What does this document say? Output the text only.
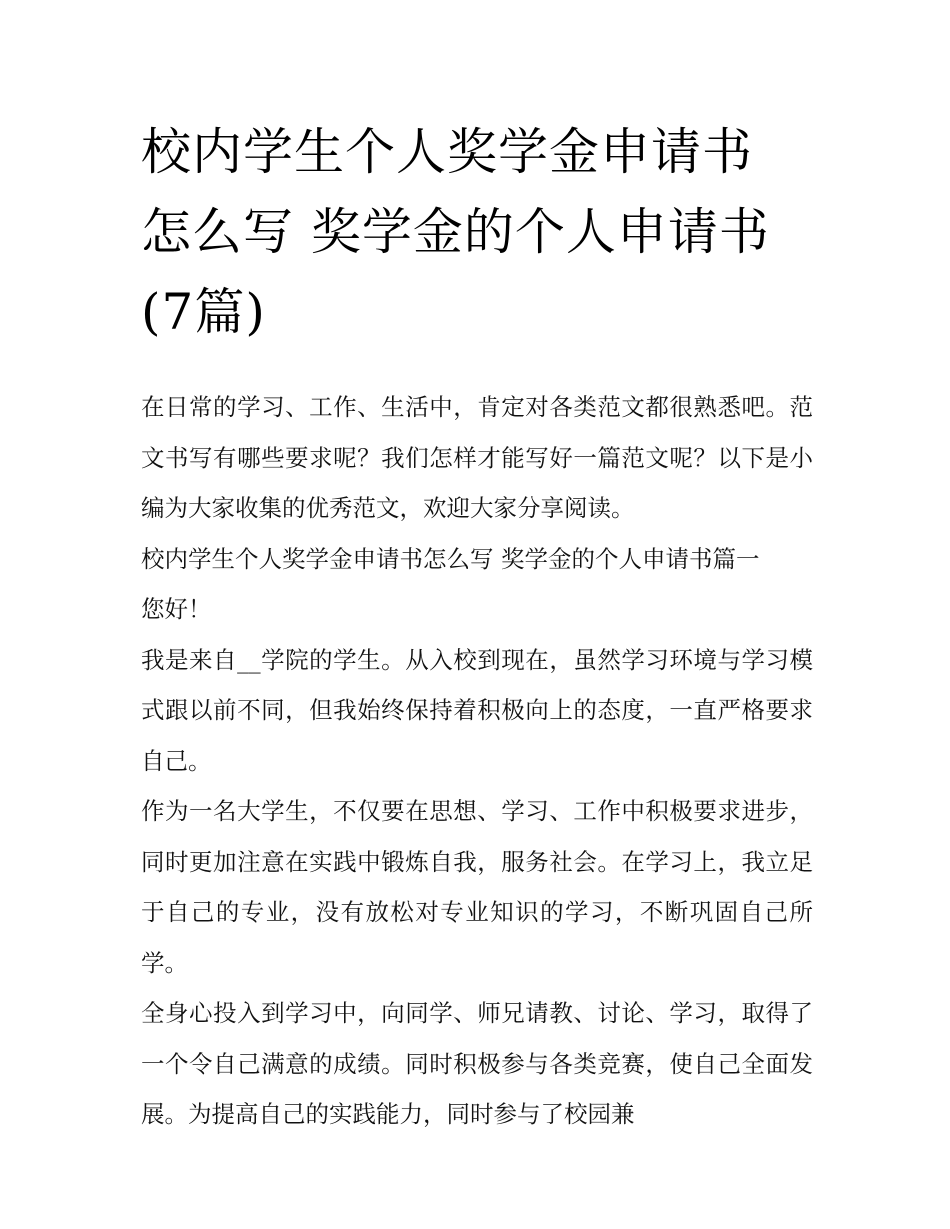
校内学生个人奖学金申请书怎么写 奖学金的个人申请书(7篇)

在日常的学习、工作、生活中，肯定对各类范文都很熟悉吧。范文书写有哪些要求呢？我们怎样才能写好一篇范文呢？以下是小编为大家收集的优秀范文，欢迎大家分享阅读。

校内学生个人奖学金申请书怎么写 奖学金的个人申请书篇一

您好！

我是来自__学院的学生。从入校到现在，虽然学习环境与学习模式跟以前不同，但我始终保持着积极向上的态度，一直严格要求自己。

作为一名大学生，不仅要在思想、学习、工作中积极要求进步，同时更加注意在实践中锻炼自我，服务社会。在学习上，我立足于自己的专业，没有放松对专业知识的学习，不断巩固自己所学。

全身心投入到学习中，向同学、师兄请教、讨论、学习，取得了一个令自己满意的成绩。同时积极参与各类竞赛，使自己全面发展。为提高自己的实践能力，同时参与了校园兼
